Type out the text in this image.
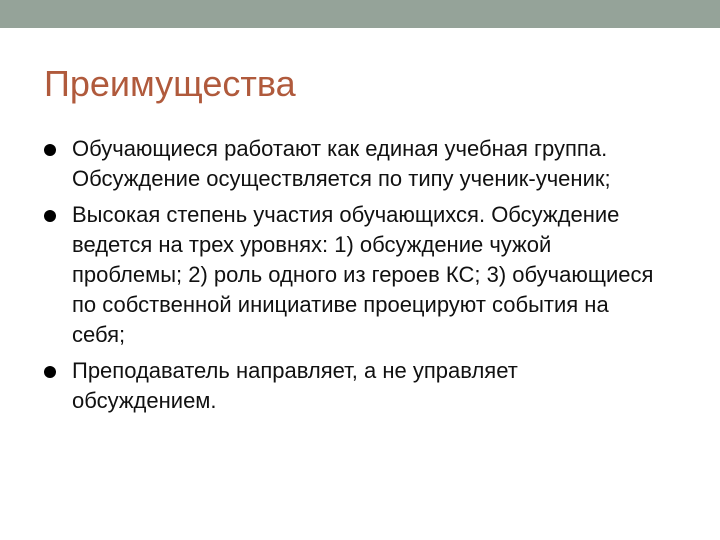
Преимущества
Обучающиеся работают как единая учебная группа. Обсуждение осуществляется по типу ученик-ученик;
Высокая степень участия обучающихся. Обсуждение ведется на трех уровнях: 1) обсуждение чужой проблемы; 2) роль одного из героев КС; 3) обучающиеся по собственной инициативе проецируют события на себя;
Преподаватель направляет, а не управляет обсуждением.
